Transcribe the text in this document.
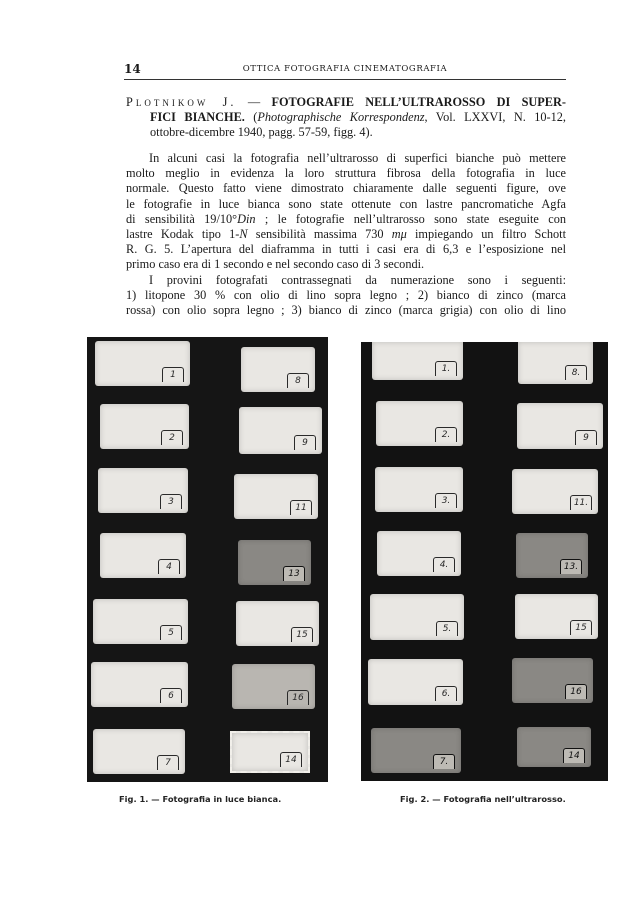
14	OTTICA FOTOGRAFIA CINEMATOGRAFIA
Plotnikow J. — FOTOGRAFIE NELL’ULTRAROSSO DI SUPER-
FICI BIANCHE. (Photographische Korrespondenz, Vol. LXXVI, N. 10-12,
ottobre-dicembre 1940, pagg. 57-59, figg. 4).
In alcuni casi la fotografia nell’ultrarosso di superfici bianche può mettere
molto meglio in evidenza la loro struttura fibrosa della fotografia in luce
normale. Questo fatto viene dimostrato chiaramente dalle seguenti figure, ove
le fotografie in luce bianca sono state ottenute con lastre pancromatiche Agfa
di sensibilità 19/10°Din ; le fotografie nell’ultrarosso sono state eseguite con
lastre Kodak tipo 1-N sensibilità massima 730 mμ impiegando un filtro Schott
R. G. 5. L’apertura del diaframma in tutti i casi era di 6,3 e l’esposizione nel
primo caso era di 1 secondo e nel secondo caso di 3 secondi.
I provini fotografati contrassegnati da numerazione sono i seguenti:
1) litopone 30 % con olio di lino sopra legno ; 2) bianco di zinco (marca
rossa) con olio sopra legno ; 3) bianco di zinco (marca grigia) con olio di lino
1
2
3
4
5
6
7
8
9
11
13
15
16
14
Fig. 1. — Fotografia in luce bianca.
1.
2.
3.
4.
5.
6.
7.
8.
9
11.
13.
15
16
14
Fig. 2. — Fotografia nell’ultrarosso.
